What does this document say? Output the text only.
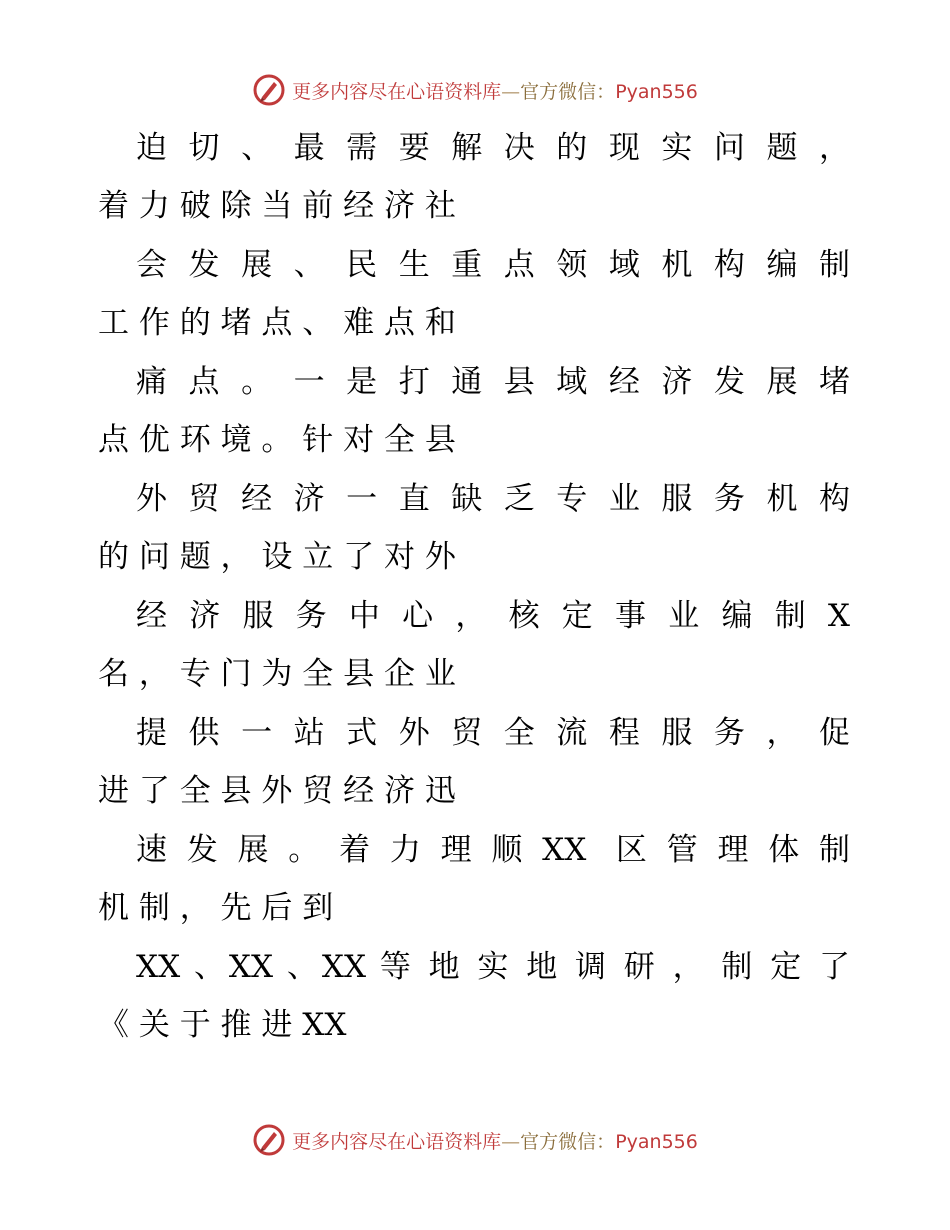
更多内容尽在心语资料库—官方微信：Pyan556
迫 切 、 最 需 要 解 决 的 现 实 问 题 ，
着 力 破 除 当 前 经 济 社
会 发 展 、 民 生 重 点 领 域 机 构 编 制
工 作 的 堵 点 、 难 点 和
痛 点 。 一 是 打 通 县 域 经 济 发 展 堵
点 优 环 境 。 针 对 全 县
外 贸 经 济 一 直 缺 乏 专 业 服 务 机 构
的 问 题 ， 设 立 了 对 外
经 济 服 务 中 心 ， 核 定 事 业 编 制 X
名 ， 专 门 为 全 县 企 业
提 供 一 站 式 外 贸 全 流 程 服 务 ， 促
进 了 全 县 外 贸 经 济 迅
速 发 展 。 着 力 理 顺 XX  区 管 理 体 制
机 制 ， 先 后 到
XX 、XX 、XX 等 地 实 地 调 研 ， 制 定 了
《 关 于 推 进 XX
更多内容尽在心语资料库—官方微信：Pyan556
